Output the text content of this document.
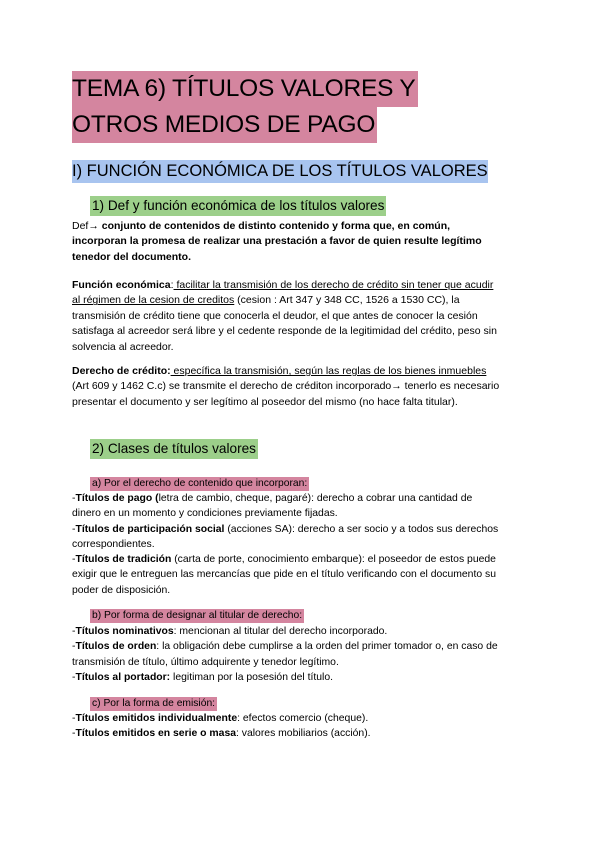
TEMA 6) TÍTULOS VALORES Y
OTROS MEDIOS DE PAGO
I) FUNCIÓN ECONÓMICA DE LOS TÍTULOS VALORES
1) Def y función económica de los títulos valores

Def→ conjunto de contenidos de distinto contenido y forma que, en común,

incorporan la promesa de realizar una prestación a favor de quien resulte legítimo

tenedor del documento.

Función económica: facilitar la transmisión de los derecho de crédito sin tener que acudir

al régimen de la cesion de creditos (cesion : Art 347 y 348 CC, 1526 a 1530 CC), la

transmisión de crédito tiene que conocerla el deudor, el que antes de conocer la cesión

satisfaga al acreedor será libre y el cedente responde de la legitimidad del crédito, peso sin

solvencia al acreedor.

Derecho de crédito: específica la transmisión, según las reglas de los bienes inmuebles

(Art 609 y 1462 C.c) se transmite el derecho de créditon incorporado→ tenerlo es necesario

presentar el documento y ser legítimo al poseedor del mismo (no hace falta titular).

2) Clases de títulos valores
a) Por el derecho de contenido que incorporan:
-Títulos de pago (letra de cambio, cheque, pagaré): derecho a cobrar una cantidad de
dinero en un momento y condiciones previamente fijadas.
-Títulos de participación social (acciones SA): derecho a ser socio y a todos sus derechos
correspondientes.
-Títulos de tradición (carta de porte, conocimiento embarque): el poseedor de estos puede
exigir que le entreguen las mercancías que pide en el título verificando con el documento su
poder de disposición.
b) Por forma de designar al titular de derecho:
-Títulos nominativos: mencionan al titular del derecho incorporado.
-Títulos de orden: la obligación debe cumplirse a la orden del primer tomador o, en caso de
transmisión de título, último adquirente y tenedor legítimo.
-Títulos al portador: legitiman por la posesión del título.
c) Por la forma de emisión:
-Títulos emitidos individualmente: efectos comercio (cheque).
-Títulos emitidos en serie o masa: valores mobiliarios (acción).
